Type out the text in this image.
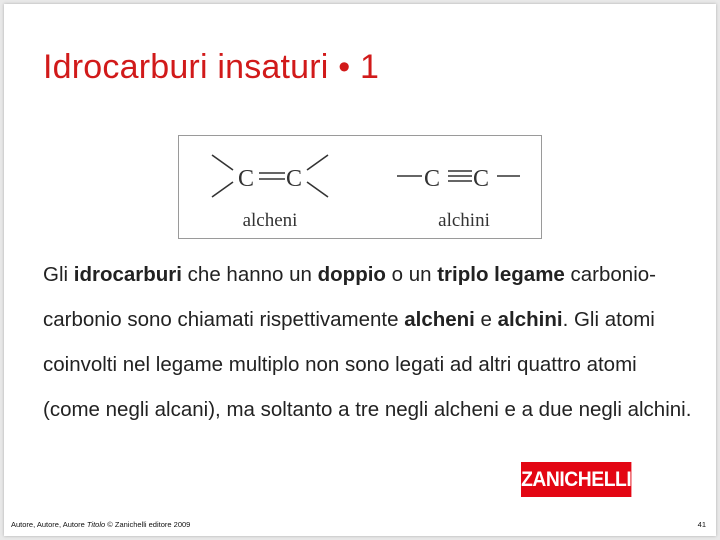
Idrocarburi insaturi • 1
C C
alcheni
C C
alchini
Gli idrocarburi che hanno un doppio o un triplo legame carbonio-carbonio sono chiamati rispettivamente alcheni e alchini. Gli atomi coinvolti nel legame multiplo non sono legati ad altri quattro atomi (come negli alcani), ma soltanto a tre negli alcheni e a due negli alchini.
ZANICHELLI
Autore, Autore, Autore Titolo © Zanichelli editore 2009	41
